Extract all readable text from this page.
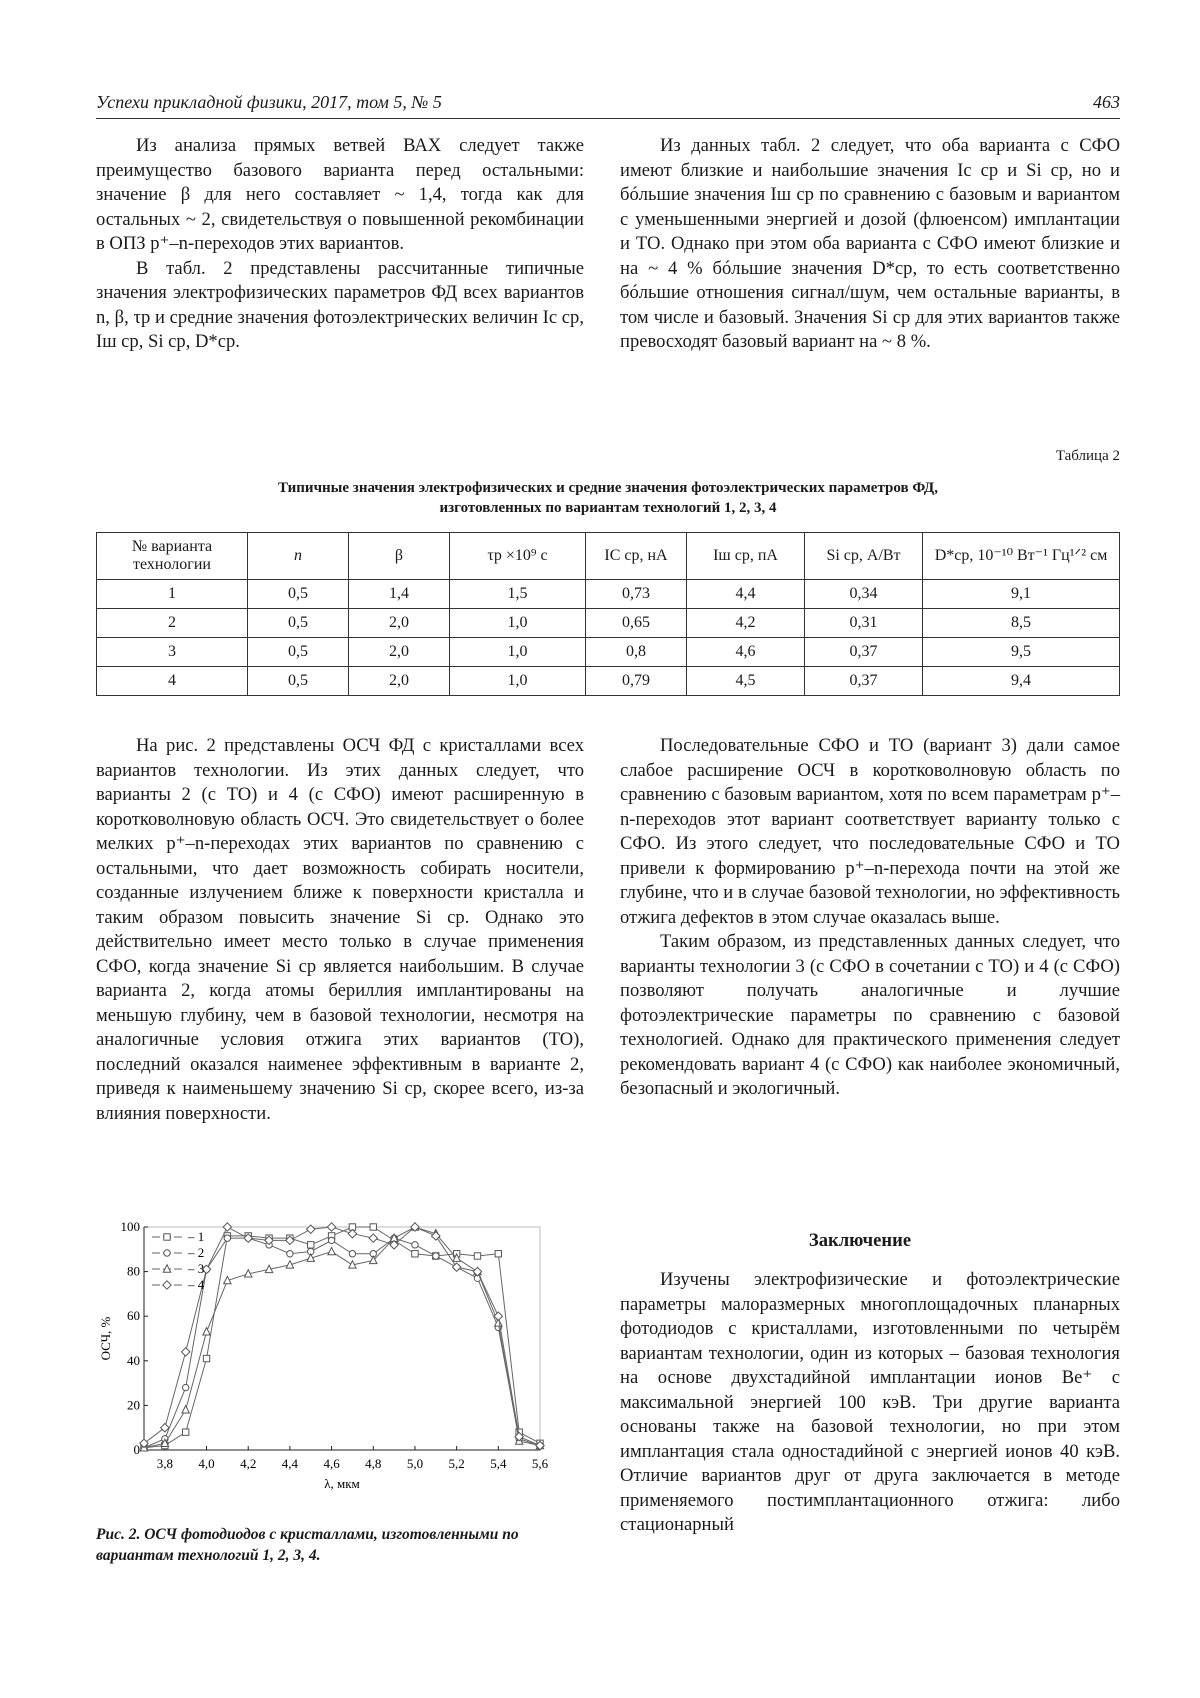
Успехи прикладной физики, 2017, том 5, № 5	463

Из анализа прямых ветвей ВАХ следует также преимущество базового варианта перед остальными: значение β для него составляет ~ 1,4, тогда как для остальных ~ 2, свидетельствуя о повышенной рекомбинации в ОПЗ p⁺–n-переходов этих вариантов.

В табл. 2 представлены рассчитанные типичные значения электрофизических параметров ФД всех вариантов n, β, τp и средние значения фотоэлектрических величин Iс ср, Iш ср, Si ср, D*ср.

Из данных табл. 2 следует, что оба варианта с СФО имеют близкие и наибольшие значения Iс ср и Si ср, но и бóльшие значения Iш ср по сравнению с базовым и вариантом с уменьшенными энергией и дозой (флюенсом) имплантации и ТО. Однако при этом оба варианта с СФО имеют близкие и на ~ 4 % бóльшие значения D*ср, то есть соответственно бóльшие отношения сигнал/шум, чем остальные варианты, в том числе и базовый. Значения Si ср для этих вариантов также превосходят базовый вариант на ~ 8 %.

Таблица 2
Типичные значения электрофизических и средние значения фотоэлектрических параметров ФД,
изготовленных по вариантам технологий 1, 2, 3, 4
№ варианта технологии	n	β	τp ×10⁹ с	IС ср, нА	Iш ср, пА	Si ср, А/Вт	D*ср, 10⁻¹⁰ Вт⁻¹ Гц¹ᐟ² см
1	0,5	1,4	1,5	0,73	4,4	0,34	9,1
2	0,5	2,0	1,0	0,65	4,2	0,31	8,5
3	0,5	2,0	1,0	0,8	4,6	0,37	9,5
4	0,5	2,0	1,0	0,79	4,5	0,37	9,4

На рис. 2 представлены ОСЧ ФД с кристаллами всех вариантов технологии. Из этих данных следует, что варианты 2 (с ТО) и 4 (с СФО) имеют расширенную в коротковолновую область ОСЧ. Это свидетельствует о более мелких p⁺–n-переходах этих вариантов по сравнению с остальными, что дает возможность собирать носители, созданные излучением ближе к поверхности кристалла и таким образом повысить значение Si ср. Однако это действительно имеет место только в случае применения СФО, когда значение Si ср является наибольшим. В случае варианта 2, когда атомы бериллия имплантированы на меньшую глубину, чем в базовой технологии, несмотря на аналогичные условия отжига этих вариантов (ТО), последний оказался наименее эффективным в варианте 2, приведя к наименьшему значению Si ср, скорее всего, из-за влияния поверхности.

Последовательные СФО и ТО (вариант 3) дали самое слабое расширение ОСЧ в коротковолновую область по сравнению с базовым вариантом, хотя по всем параметрам p⁺–n-переходов этот вариант соответствует варианту только с СФО. Из этого следует, что последовательные СФО и ТО привели к формированию p⁺–n-перехода почти на этой же глубине, что и в случае базовой технологии, но эффективность отжига дефектов в этом случае оказалась выше.

Таким образом, из представленных данных следует, что варианты технологии 3 (с СФО в сочетании с ТО) и 4 (с СФО) позволяют получать аналогичные и лучшие фотоэлектрические параметры по сравнению с базовой технологией. Однако для практического применения следует рекомендовать вариант 4 (с СФО) как наиболее экономичный, безопасный и экологичный.

Заключение

Изучены электрофизические и фотоэлектрические параметры малоразмерных многоплощадочных планарных фотодиодов с кристаллами, изготовленными по четырём вариантам технологии, один из которых – базовая технология на основе двухстадийной имплантации ионов Be⁺ с максимальной энергией 100 кэВ. Три другие варианта основаны также на базовой технологии, но при этом имплантация стала одностадийной с энергией ионов 40 кэВ. Отличие вариантов друг от друга заключается в методе применяемого постимплантационного отжига: либо стационарный

3,8 4,0 4,2 4,4 4,6 4,8 5,0 5,2 5,4 5,6
0
20
40
60
80
100
λ, мкм
ОСЧ, %
– 1
– 2
– 3
– 4
Рис. 2. ОСЧ фотодиодов с кристаллами, изготовленными по вариантам технологий 1, 2, 3, 4.
